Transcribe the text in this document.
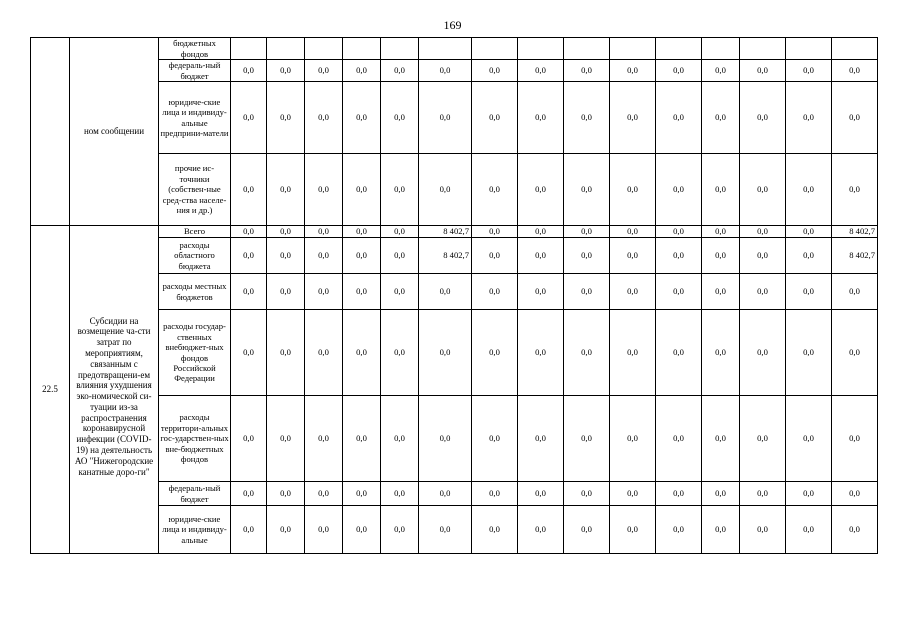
169
	ном сообщении	бюджетных фондов															
		федераль-ный бюджет	0,0	0,0	0,0	0,0	0,0	0,0	0,0	0,0	0,0	0,0	0,0	0,0	0,0	0,0	0,0
		юридиче-ские лица и индивиду-альные предприни-матели	0,0	0,0	0,0	0,0	0,0	0,0	0,0	0,0	0,0	0,0	0,0	0,0	0,0	0,0	0,0
		прочие ис-точники (собствен-ные сред-ства населе-ния и др.)	0,0	0,0	0,0	0,0	0,0	0,0	0,0	0,0	0,0	0,0	0,0	0,0	0,0	0,0	0,0
22.5	Субсидии на возмещение ча-сти затрат по мероприятиям, связанным с предотвращени-ем влияния ухудшения эко-номической си-туации из-за распространения коронавирусной инфекции (COVID-19) на деятельность АО "Нижегородские канатные доро-ги"	Всего	0,0	0,0	0,0	0,0	0,0	8 402,7	0,0	0,0	0,0	0,0	0,0	0,0	0,0	0,0	8 402,7
		расходы областного бюджета	0,0	0,0	0,0	0,0	0,0	8 402,7	0,0	0,0	0,0	0,0	0,0	0,0	0,0	0,0	8 402,7
		расходы местных бюджетов	0,0	0,0	0,0	0,0	0,0	0,0	0,0	0,0	0,0	0,0	0,0	0,0	0,0	0,0	0,0
		расходы государ-ственных внебюджет-ных фондов Российской Федерации	0,0	0,0	0,0	0,0	0,0	0,0	0,0	0,0	0,0	0,0	0,0	0,0	0,0	0,0	0,0
		расходы территори-альных гос-ударствен-ных вне-бюджетных фондов	0,0	0,0	0,0	0,0	0,0	0,0	0,0	0,0	0,0	0,0	0,0	0,0	0,0	0,0	0,0
		федераль-ный бюджет	0,0	0,0	0,0	0,0	0,0	0,0	0,0	0,0	0,0	0,0	0,0	0,0	0,0	0,0	0,0
		юридиче-ские лица и индивиду-альные	0,0	0,0	0,0	0,0	0,0	0,0	0,0	0,0	0,0	0,0	0,0	0,0	0,0	0,0	0,0
